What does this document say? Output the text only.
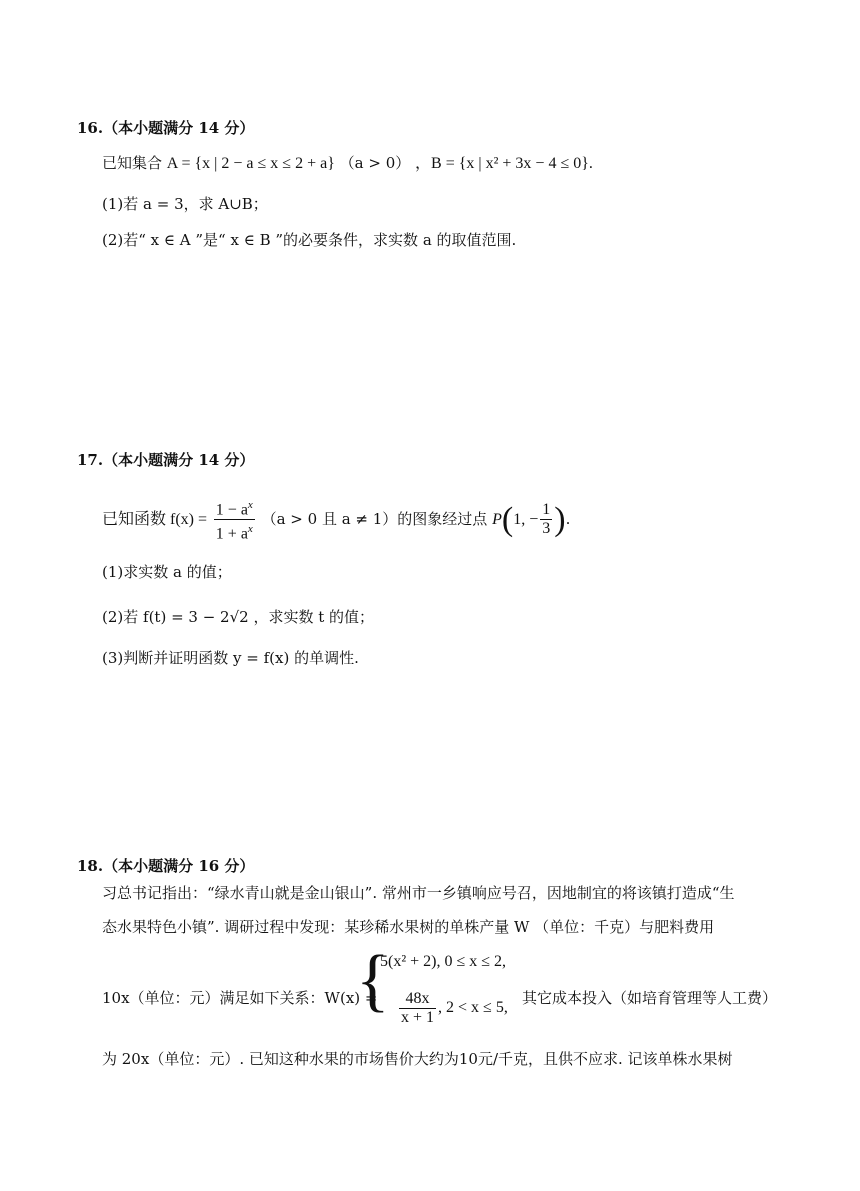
16.（本小题满分 14 分）
已知集合 A = {x | 2 − a ≤ x ≤ 2 + a} （a > 0） ，B = {x | x² + 3x − 4 ≤ 0}.
(1)若 a = 3，求 A∪B；
(2)若“ x ∈ A ”是“ x ∈ B ”的必要条件，求实数 a 的取值范围.
17.（本小题满分 14 分）
已知函数 $f(x) = \frac{1 - a^x}{1 + a^x} (a > 0$ 且 a ≠ 1）的图象经过点 P(1, − $\frac{1}{3}$ ).
(1)求实数 a 的值；
(2)若 f(t) = 3 − 2√2 ，求实数 t 的值；
(3)判断并证明函数 y = f(x) 的单调性.
18.（本小题满分 16 分）
习总书记指出：“绿水青山就是金山银山”. 常州市一乡镇响应号召，因地制宜的将该镇打造成“生
态水果特色小镇”. 调研过程中发现：某珍稀水果树的单株产量 W （单位：千克）与肥料费用
10x（单位：元）满足如下关系：W(x) =
{
5(x² + 2), 0 ≤ x ≤ 2,
$\frac{48x}{x + 1}$ , 2 < x ≤ 5,
其它成本投入（如培育管理等人工费）
为 20x（单位：元）. 已知这种水果的市场售价大约为10元/千克，且供不应求. 记该单株水果树
